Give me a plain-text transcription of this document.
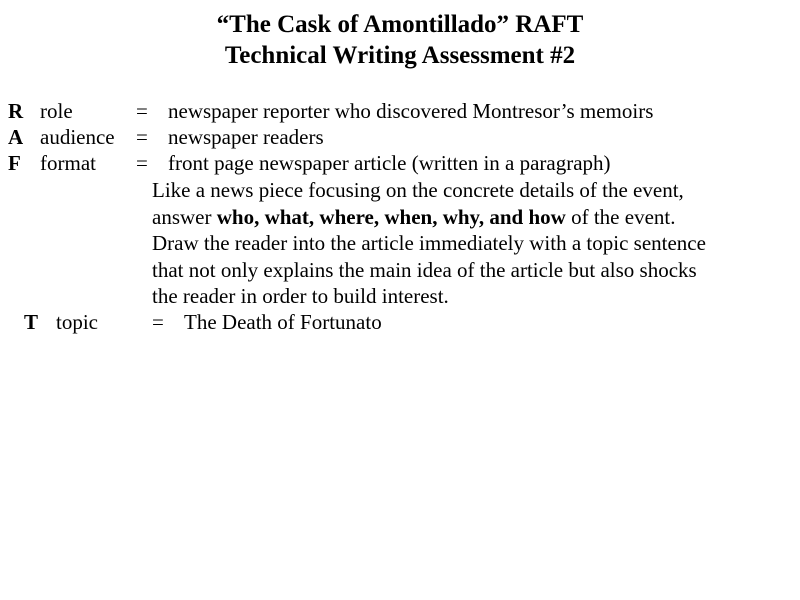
“The Cask of Amontillado” RAFT
Technical Writing Assessment #2
R role	= newspaper reporter who discovered Montresor’s memoirs
A audience = newspaper readers
F format = front page newspaper article (written in a paragraph)
Like a news piece focusing on the concrete details of the event,
answer who, what, where, when, why, and how of the event.
Draw the reader into the article immediately with a topic sentence
that not only explains the main idea of the article but also shocks
the reader in order to build interest.
T topic	= The Death of Fortunato
